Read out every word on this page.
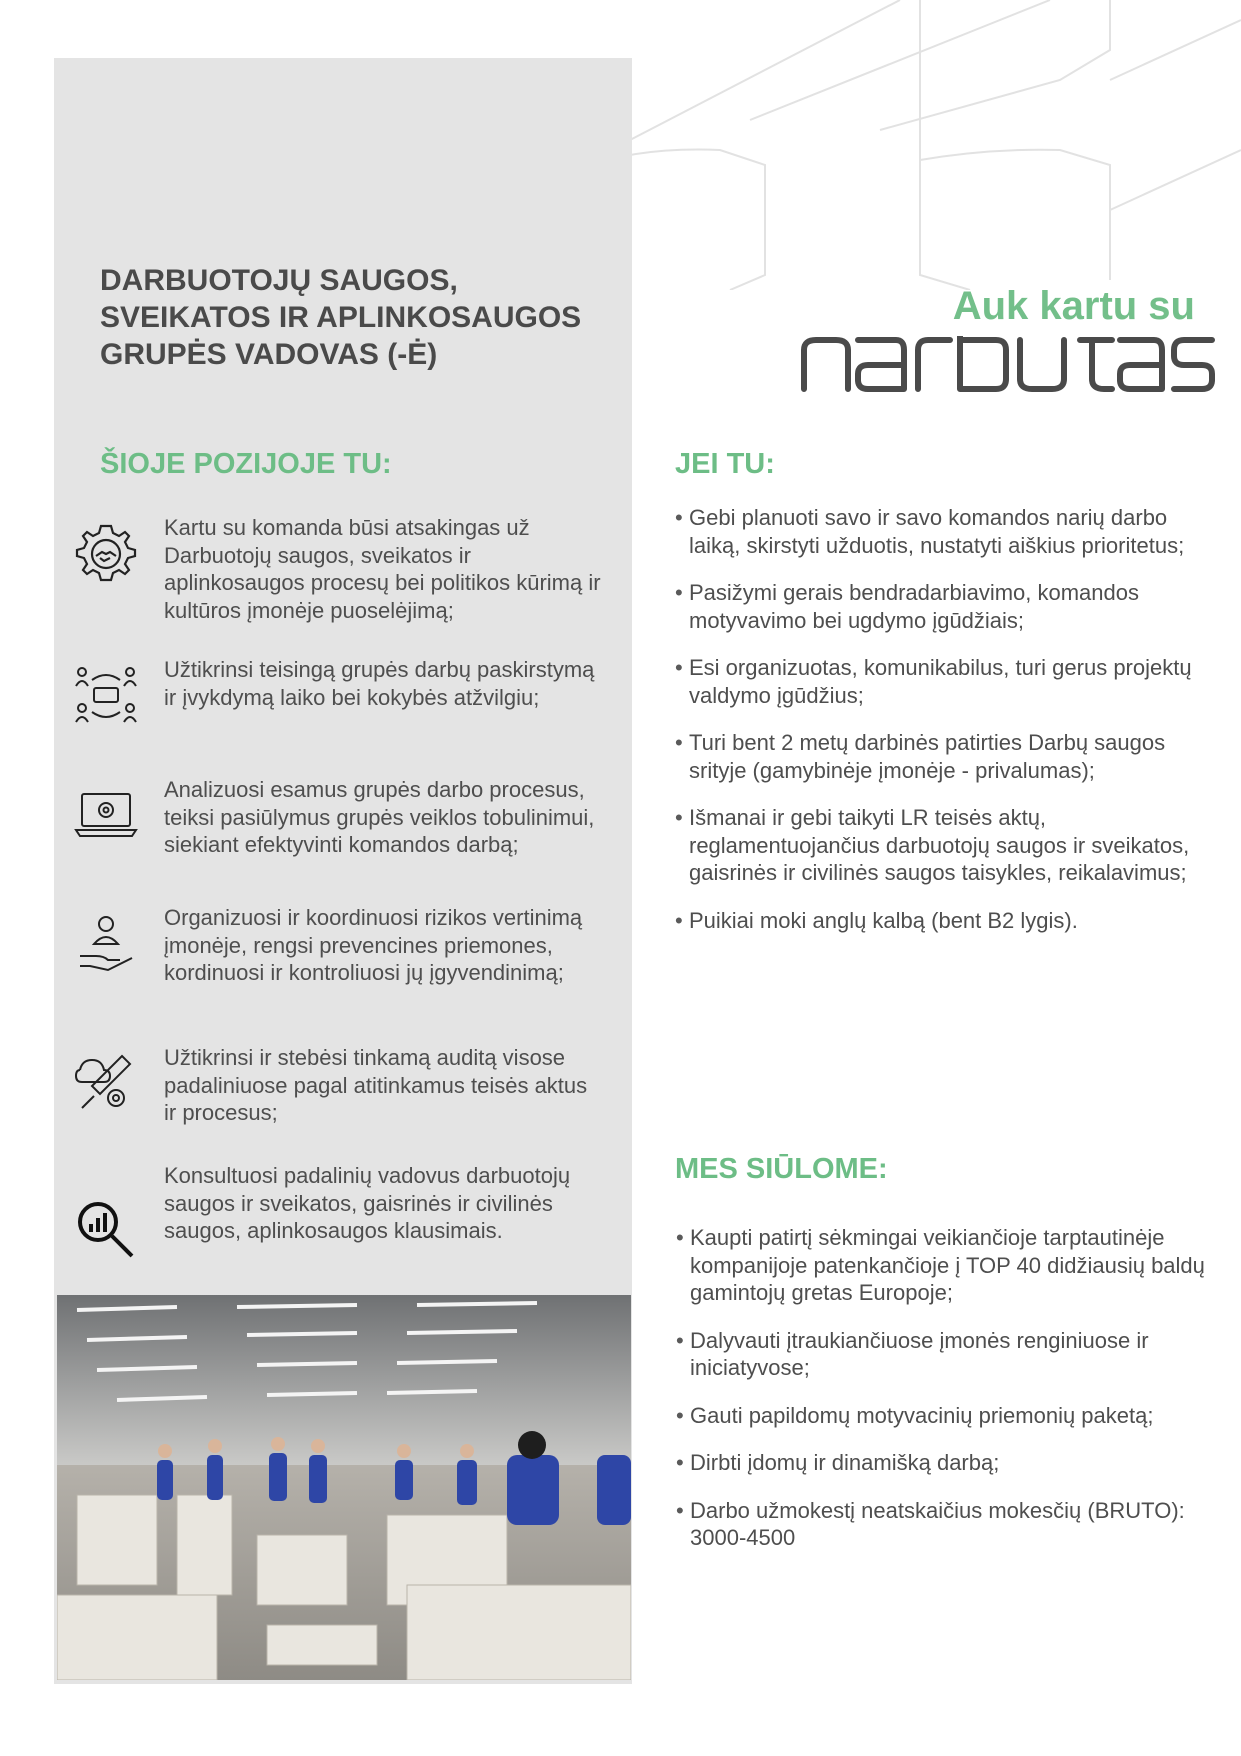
DARBUOTOJŲ SAUGOS, SVEIKATOS IR APLINKOSAUGOS GRUPĖS VADOVAS (-Ė)

Auk kartu su

ŠIOJE POZIJOJE TU:

Kartu su komanda būsi atsakingas už Darbuotojų saugos, sveikatos ir aplinkosaugos procesų bei politikos kūrimą ir kultūros įmonėje puoselėjimą;

Užtikrinsi teisingą grupės darbų paskirstymą ir įvykdymą laiko bei kokybės atžvilgiu;

Analizuosi esamus grupės darbo procesus, teiksi pasiūlymus grupės veiklos tobulinimui, siekiant efektyvinti komandos darbą;

Organizuosi ir koordinuosi rizikos vertinimą įmonėje, rengsi prevencines priemones, kordinuosi ir kontroliuosi jų įgyvendinimą;

Užtikrinsi ir stebėsi tinkamą auditą visose padaliniuose pagal atitinkamus teisės aktus ir procesus;

Konsultuosi padalinių vadovus darbuotojų saugos ir sveikatos, gaisrinės ir civilinės saugos, aplinkosaugos klausimais.

JEI TU:
• Gebi planuoti savo ir savo komandos narių darbo laiką, skirstyti užduotis, nustatyti aiškius prioritetus;
• Pasižymi gerais bendradarbiavimo, komandos motyvavimo bei ugdymo įgūdžiais;
• Esi organizuotas, komunikabilus, turi gerus projektų valdymo įgūdžius;
• Turi bent 2 metų darbinės patirties Darbų saugos srityje (gamybinėje įmonėje - privalumas);
• Išmanai ir gebi taikyti LR teisės aktų, reglamentuojančius darbuotojų saugos ir sveikatos, gaisrinės ir civilinės saugos taisykles, reikalavimus;
• Puikiai moki anglų kalbą (bent B2 lygis).
MES SIŪLOME:
• Kaupti patirtį sėkmingai veikiančioje tarptautinėje kompanijoje patenkančioje į TOP 40 didžiausių baldų gamintojų gretas Europoje;
• Dalyvauti įtraukiančiuose įmonės renginiuose ir iniciatyvose;
• Gauti papildomų motyvacinių priemonių paketą;
• Dirbti įdomų ir dinamišką darbą;
• Darbo užmokestį neatskaičius mokesčių (BRUTO): 3000-4500
